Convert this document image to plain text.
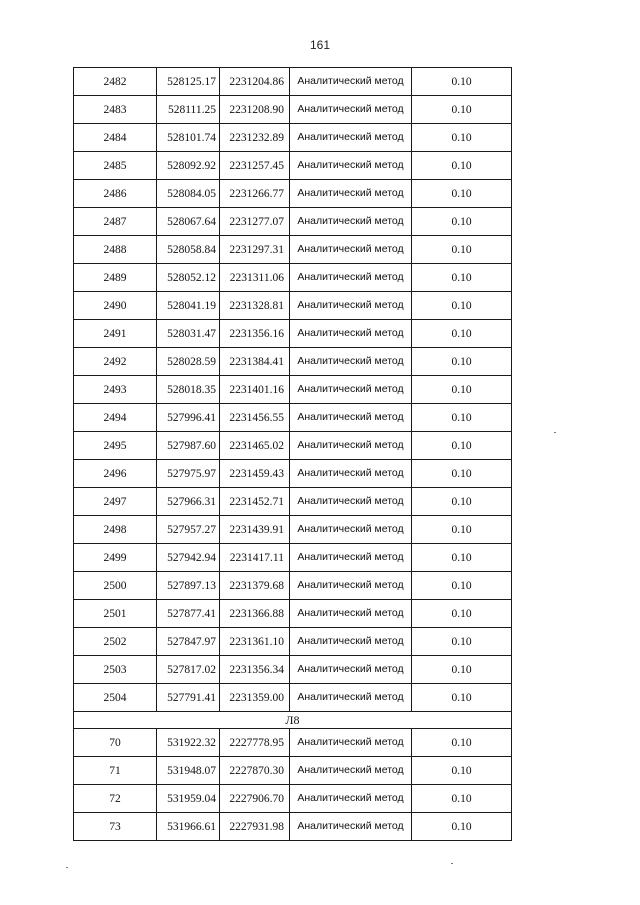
161
2482	528125.17	2231204.86	Аналитический метод	0.10
2483	528111.25	2231208.90	Аналитический метод	0.10
2484	528101.74	2231232.89	Аналитический метод	0.10
2485	528092.92	2231257.45	Аналитический метод	0.10
2486	528084.05	2231266.77	Аналитический метод	0.10
2487	528067.64	2231277.07	Аналитический метод	0.10
2488	528058.84	2231297.31	Аналитический метод	0.10
2489	528052.12	2231311.06	Аналитический метод	0.10
2490	528041.19	2231328.81	Аналитический метод	0.10
2491	528031.47	2231356.16	Аналитический метод	0.10
2492	528028.59	2231384.41	Аналитический метод	0.10
2493	528018.35	2231401.16	Аналитический метод	0.10
2494	527996.41	2231456.55	Аналитический метод	0.10
2495	527987.60	2231465.02	Аналитический метод	0.10
2496	527975.97	2231459.43	Аналитический метод	0.10
2497	527966.31	2231452.71	Аналитический метод	0.10
2498	527957.27	2231439.91	Аналитический метод	0.10
2499	527942.94	2231417.11	Аналитический метод	0.10
2500	527897.13	2231379.68	Аналитический метод	0.10
2501	527877.41	2231366.88	Аналитический метод	0.10
2502	527847.97	2231361.10	Аналитический метод	0.10
2503	527817.02	2231356.34	Аналитический метод	0.10
2504	527791.41	2231359.00	Аналитический метод	0.10
Л8				
70	531922.32	2227778.95	Аналитический метод	0.10
71	531948.07	2227870.30	Аналитический метод	0.10
72	531959.04	2227906.70	Аналитический метод	0.10
73	531966.61	2227931.98	Аналитический метод	0.10
